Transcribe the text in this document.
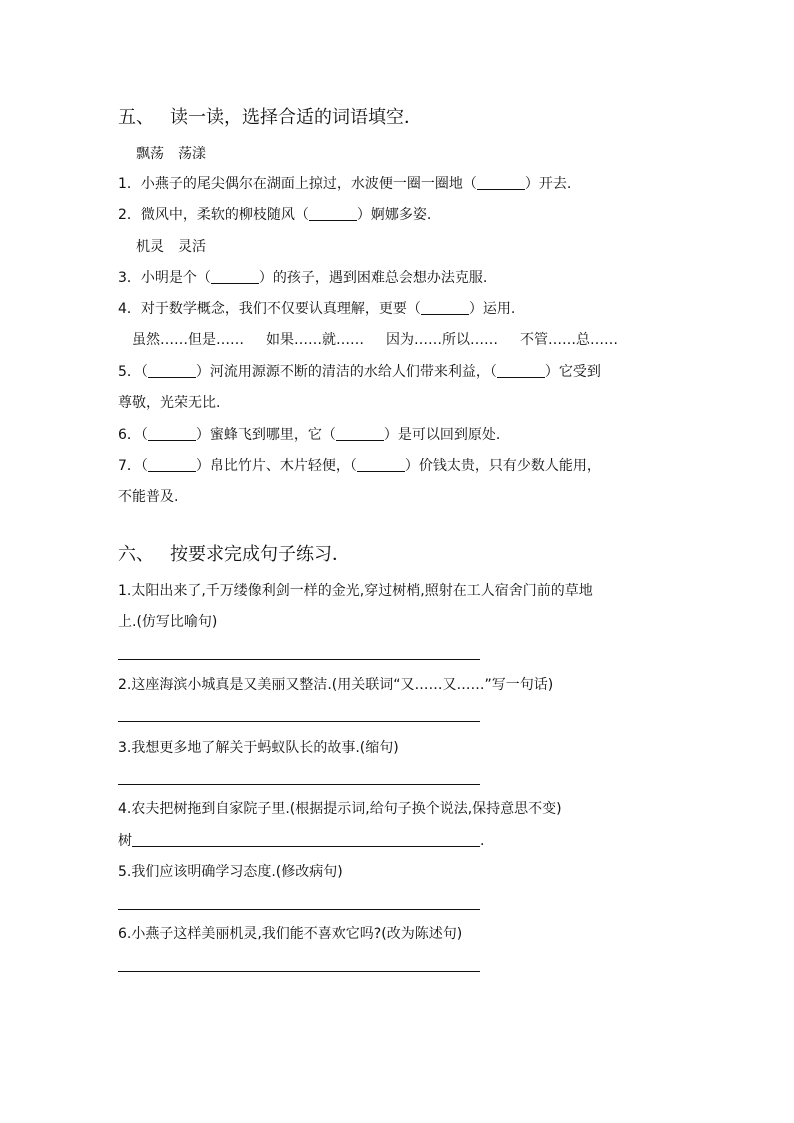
五、 读一读，选择合适的词语填空．
飘荡 荡漾
1．小燕子的尾尖偶尔在湖面上掠过，水波便一圈一圈地（	）开去.
2．微风中，柔软的柳枝随风（	）婀娜多姿.
机灵 灵活
3．小明是个（	）的孩子，遇到困难总会想办法克服.
4．对于数学概念，我们不仅要认真理解，更要（	）运用.
虽然……但是…… 如果……就…… 因为……所以…… 不管……总……
5．（	）河流用源源不断的清洁的水给人们带来利益，（	）它受到
尊敬，光荣无比.
6．（	）蜜蜂飞到哪里，它（	）是可以回到原处.
7．（	）帛比竹片、木片轻便，（	）价钱太贵，只有少数人能用，
不能普及.
六、 按要求完成句子练习．
1.太阳出来了,千万缕像利剑一样的金光,穿过树梢,照射在工人宿舍门前的草地
上.(仿写比喻句)
2.这座海滨小城真是又美丽又整洁.(用关联词“又……又……”写一句话)
3.我想更多地了解关于蚂蚁队长的故事.(缩句)
4.农夫把树拖到自家院子里.(根据提示词,给句子换个说法,保持意思不变)
树	.
5.我们应该明确学习态度.(修改病句)
6.小燕子这样美丽机灵,我们能不喜欢它吗?(改为陈述句)
